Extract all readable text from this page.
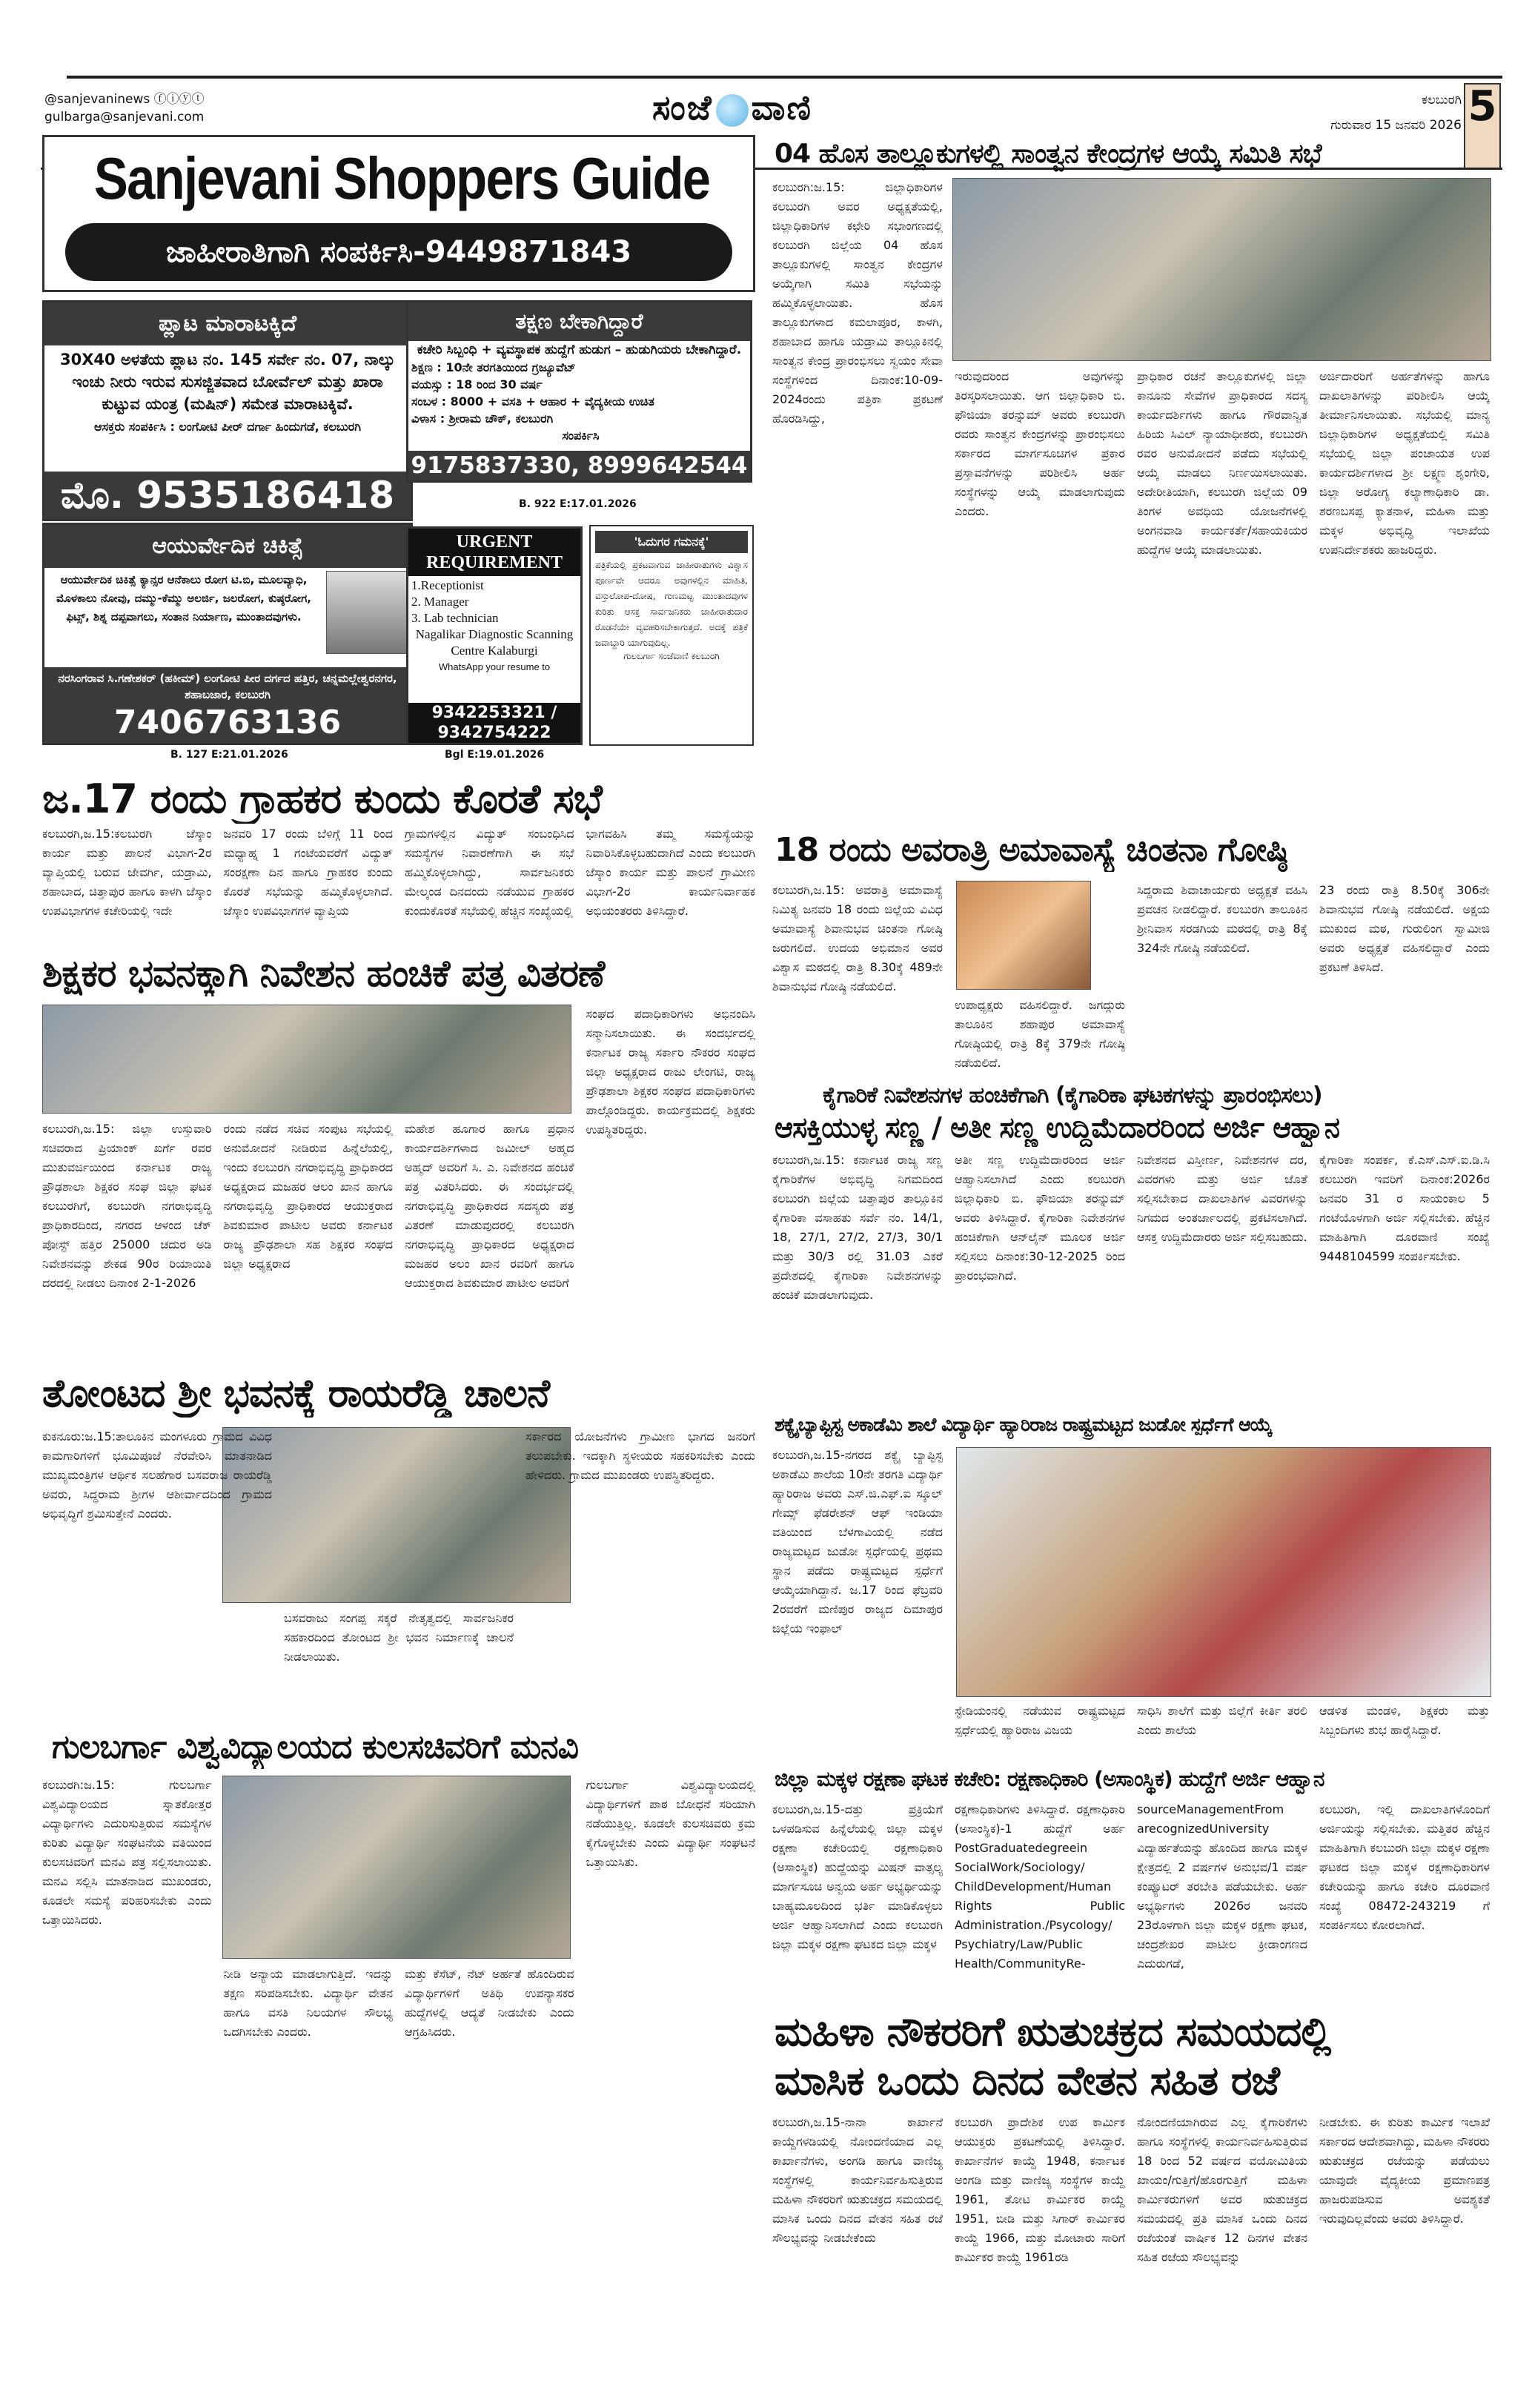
@sanjevaninews ⓕⓘⓨⓣ
gulbarga@sanjevani.com	ಸಂಜೆ ವಾಣಿ	ಕಲಬುರಗಿ
ಗುರುವಾರ 15 ಜನವರಿ 2026 5
Sanjevani Shoppers Guide
ಜಾಹೀರಾತಿಗಾಗಿ ಸಂಪರ್ಕಿಸಿ-9449871843
ಪ್ಲಾಟ ಮಾರಾಟಕ್ಕಿದೆ
30X40 ಅಳತೆಯ ಪ್ಲಾಟ ನಂ. 145 ಸರ್ವೇ ನಂ. 07, ನಾಲ್ಕು ಇಂಚು ನೀರು ಇರುವ ಸುಸಜ್ಜಿತವಾದ ಬೋರ್ವೆಲ್ ಮತ್ತು ಖಾರಾ ಕುಟ್ಟುವ ಯಂತ್ರ (ಮಷಿನ್) ಸಮೇತ ಮಾರಾಟಕ್ಕಿವೆ.
ಆಸಕ್ತರು ಸಂಪರ್ಕಿಸಿ : ಲಂಗೋಟಿ ಪೀರ್ ದರ್ಗಾ ಹಿಂದುಗಡೆ, ಕಲಬುರಗಿ
ಮೊ. 9535186418
ತಕ್ಷಣ ಬೇಕಾಗಿದ್ದಾರೆ
ಕಚೇರಿ ಸಿಬ್ಬಂಧಿ + ವ್ಯವಸ್ಥಾಪಕ ಹುದ್ದೆಗೆ ಹುಡುಗ – ಹುಡುಗಿಯರು ಬೇಕಾಗಿದ್ದಾರೆ.
ಶಿಕ್ಷಣ : 10ನೇ ತರಗತಿಯಿಂದ ಗ್ರಜ್ಯೂವೆಟ್
ವಯಸ್ಸು : 18 ರಿಂದ 30 ವರ್ಷ
ಸಂಬಳ : 8000 + ವಸತಿ + ಆಹಾರ + ವೈದ್ಯಕೀಯ ಉಚಿತ
ವಿಳಾಸ : ಶ್ರೀರಾಮ ಚೌಕ್, ಕಲಬುರಗಿ
ಸಂಪರ್ಕಿಸಿ
9175837330, 8999642544
B. 922 E:17.01.2026
ಆಯುರ್ವೇದಿಕ ಚಿಕಿತ್ಸೆ
ಆಯುರ್ವೇದಿಕ ಚಿಕಿತ್ಸೆ ಕ್ಯಾನ್ಸರ ಆನೆಕಾಲು ರೋಗ ಟಿ.ಬಿ, ಮೂಲವ್ಯಾಧಿ, ಮೊಳಕಾಲು ನೋವು, ದಮ್ಮು-ಕೆಮ್ಮು ಅಲರ್ಜಿ, ಜಲರೋಗ, ಕುಷ್ಠರೋಗ, ಫಿಟ್ಸ್, ಶಿಶ್ನ ದಪ್ಪವಾಗಲು, ಸಂತಾನ ನಿರ್ಯಾಣ, ಮುಂತಾದವುಗಳು.
ನರಸಿಂಗರಾವ ಸಿ.ಗಣೇಶಕರ್ (ಹಕೀಮ್) ಲಂಗೋಟಿ ಪೀರ ದರ್ಗದ ಹತ್ತಿರ, ಚನ್ನಮಲ್ಲೇಶ್ವರನಗರ, ಶಹಾಬಜಾರ, ಕಲಬುರಗಿ
7406763136
B. 127 E:21.01.2026
URGENT REQUIREMENT
1.Receptionist
2. Manager
3. Lab technician
Nagalikar Diagnostic Scanning Centre Kalaburgi
WhatsApp your resume to
9342253321 / 9342754222
Bgl E:19.01.2026
'ಓದುಗರ ಗಮನಕ್ಕೆ'
ಪತ್ರಿಕೆಯಲ್ಲಿ ಪ್ರಕಟವಾಗುವ ಜಾಹೀರಾತುಗಳು ವಿಶ್ವಾಸ ಪೂರ್ಣವೇ ಆದರೂ ಅವುಗಳಲ್ಲಿನ ಮಾಹಿತಿ, ವಸ್ತುಲೋಪ-ದೋಷ, ಗುಣಮಟ್ಟ ಮುಂತಾದವುಗಳ ಕುರಿತು ಆಸಕ್ತ ಸಾರ್ವಜನಿಕರು ಜಾಹೀರಾತುದಾರ ರೊಡನೆಯೇ ವ್ಯವಹರಿಸಬೇಕಾಗುತ್ತದೆ. ಅದಕ್ಕೆ ಪತ್ರಿಕೆ ಜವಾಬ್ದಾರಿ ಯಾಗುವುದಿಲ್ಲ.
ಗುಲಬರ್ಗಾ ಸಂಜೆವಾಣಿ ಕಲಬುರಗಿ
ಜ.17 ರಂದು ಗ್ರಾಹಕರ ಕುಂದು ಕೊರತೆ ಸಭೆ
ಕಲಬುರಗಿ,ಜ.15:ಕಲಬುರಗಿ ಜೆಸ್ಕಾಂ ಕಾರ್ಯ ಮತ್ತು ಪಾಲನೆ ವಿಭಾಗ-2ರ ವ್ಯಾಪ್ತಿಯಲ್ಲಿ ಬರುವ ಜೇವರ್ಗಿ, ಯಡ್ರಾಮಿ, ಶಹಾಬಾದ, ಚಿತ್ತಾಪುರ ಹಾಗೂ ಕಾಳಗಿ ಜೆಸ್ಕಾಂ ಉಪವಿಭಾಗಗಳ ಕಚೇರಿಯಲ್ಲಿ ಇದೇ
ಜನವರಿ 17 ರಂದು ಬೆಳಿಗ್ಗೆ 11 ರಿಂದ ಮಧ್ಯಾಹ್ನ 1 ಗಂಟೆಯವರೆಗೆ ವಿದ್ಯುತ್ ಸಂರಕ್ಷಣಾ ದಿನ ಹಾಗೂ ಗ್ರಾಹಕರ ಕುಂದು ಕೊರತೆ ಸಭೆಯನ್ನು ಹಮ್ಮಿಕೊಳ್ಳಲಾಗಿದೆ. ಜೆಸ್ಕಾಂ ಉಪವಿಭಾಗಗಳ ವ್ಯಾಪ್ತಿಯ
ಗ್ರಾಮಗಳಲ್ಲಿನ ವಿದ್ಯುತ್ ಸಂಬಂಧಿಸಿದ ಸಮಸ್ಯೆಗಳ ನಿವಾರಣೆಗಾಗಿ ಈ ಸಭೆ ಹಮ್ಮಿಕೊಳ್ಳಲಾಗಿದ್ದು, ಸಾರ್ವಜನಿಕರು ಮೇಲ್ಕಂಡ ದಿನದಂದು ನಡೆಯುವ ಗ್ರಾಹಕರ ಕುಂದುಕೊರತೆ ಸಭೆಯಲ್ಲಿ ಹೆಚ್ಚಿನ ಸಂಖ್ಯೆಯಲ್ಲಿ
ಭಾಗವಹಿಸಿ ತಮ್ಮ ಸಮಸ್ಯೆಯನ್ನು ನಿವಾರಿಸಿಕೊಳ್ಳಬಹುದಾಗಿದೆ ಎಂದು ಕಲಬುರಗಿ ಜೆಸ್ಕಾಂ ಕಾರ್ಯ ಮತ್ತು ಪಾಲನೆ ಗ್ರಾಮೀಣ ವಿಭಾಗ-2ರ ಕಾರ್ಯನಿರ್ವಾಹಕ ಅಭಿಯಂತರರು ತಿಳಿಸಿದ್ದಾರೆ.
ಶಿಕ್ಷಕರ ಭವನಕ್ಕಾಗಿ ನಿವೇಶನ ಹಂಚಿಕೆ ಪತ್ರ ವಿತರಣೆ
ಕಲಬುರಗಿ,ಜ.15: ಜಿಲ್ಲಾ ಉಸ್ತುವಾರಿ ಸಚಿವರಾದ ಪ್ರಿಯಾಂಕ್ ಖರ್ಗೆ ರವರ ಮುತುವರ್ಜಿಯಿಂದ ಕರ್ನಾಟಕ ರಾಜ್ಯ ಪ್ರೌಢಶಾಲಾ ಶಿಕ್ಷಕರ ಸಂಘ ಜಿಲ್ಲಾ ಘಟಕ ಕಲಬುರಗಿಗೆ, ಕಲಬುರಗಿ ನಗರಾಭಿವೃದ್ಧಿ ಪ್ರಾಧಿಕಾರದಿಂದ, ನಗರದ ಆಳಂದ ಚೆಕ್ ಪೋಸ್ಟ್ ಹತ್ತಿರ 25000 ಚದುರ ಅಡಿ ನಿವೇಶನವನ್ನು ಶೇಕಡ 90ರ ರಿಯಾಯಿತಿ ದರದಲ್ಲಿ ನೀಡಲು ದಿನಾಂಕ 2-1-2026
ರಂದು ನಡೆದ ಸಚಿವ ಸಂಪುಟ ಸಭೆಯಲ್ಲಿ ಅನುಮೋದನೆ ನೀಡಿರುವ ಹಿನ್ನೆಲೆಯಲ್ಲಿ, ಇಂದು ಕಲಬುರಗಿ ನಗರಾಭಿವೃದ್ಧಿ ಪ್ರಾಧಿಕಾರದ ಅಧ್ಯಕ್ಷರಾದ ಮಜಹರ ಆಲಂ ಖಾನ ಹಾಗೂ ನಗರಾಭಿವೃದ್ಧಿ ಪ್ರಾಧಿಕಾರದ ಆಯುಕ್ತರಾದ ಶಿವಕುಮಾರ ಪಾಟೀಲ ಅವರು ಕರ್ನಾಟಕ ರಾಜ್ಯ ಪ್ರೌಢಶಾಲಾ ಸಹ ಶಿಕ್ಷಕರ ಸಂಘದ ಜಿಲ್ಲಾ ಅಧ್ಯಕ್ಷರಾದ
ಮಹೇಶ ಹೂಗಾರ ಹಾಗೂ ಪ್ರಧಾನ ಕಾರ್ಯದರ್ಶಿಗಳಾದ ಜಮೀಲ್ ಅಹ್ಮದ ಅಹ್ಮದ್ ಅವರಿಗೆ ಸಿ. ಎ. ನಿವೇಶನದ ಹಂಚಿಕೆ ಪತ್ರ ವಿತರಿಸಿದರು. ಈ ಸಂದರ್ಭದಲ್ಲಿ ನಗರಾಭಿವೃದ್ಧಿ ಪ್ರಾಧಿಕಾರದ ಸದಸ್ಯರು ಪತ್ರ ವಿತರಣೆ ಮಾಡುವುದರಲ್ಲಿ ಕಲಬುರಗಿ ನಗರಾಭಿವೃದ್ಧಿ ಪ್ರಾಧಿಕಾರದ ಅಧ್ಯಕ್ಷರಾದ ಮಜಹರ ಅಲಂ ಖಾನ ರವರಿಗೆ ಹಾಗೂ ಆಯುಕ್ತರಾದ ಶಿವಕುಮಾರ ಪಾಟೀಲ ಅವರಿಗೆ
ಸಂಘದ ಪದಾಧಿಕಾರಿಗಳು ಅಭಿನಂದಿಸಿ ಸನ್ಮಾನಿಸಲಾಯಿತು. ಈ ಸಂದರ್ಭದಲ್ಲಿ ಕರ್ನಾಟಕ ರಾಜ್ಯ ಸರ್ಕಾರಿ ನೌಕರರ ಸಂಘದ ಜಿಲ್ಲಾ ಅಧ್ಯಕ್ಷರಾದ ರಾಜು ಲೇಂಗಟಿ, ರಾಜ್ಯ ಪ್ರೌಢಶಾಲಾ ಶಿಕ್ಷಕರ ಸಂಘದ ಪದಾಧಿಕಾರಿಗಳು ಪಾಲ್ಗೊಂಡಿದ್ದರು. ಕಾರ್ಯಕ್ರಮದಲ್ಲಿ ಶಿಕ್ಷಕರು ಉಪಸ್ಥಿತರಿದ್ದರು.
ತೋಂಟದ ಶ್ರೀ ಭವನಕ್ಕೆ ರಾಯರೆಡ್ಡಿ ಚಾಲನೆ
ಕುಕನೂರು:ಜ.15:ತಾಲೂಕಿನ ಮಂಗಳೂರು ಗ್ರಾಮದ ವಿವಿಧ ಕಾಮಗಾರಿಗಳಿಗೆ ಭೂಮಿಪೂಜೆ ನೆರವೇರಿಸಿ ಮಾತನಾಡಿದ ಮುಖ್ಯಮಂತ್ರಿಗಳ ಆರ್ಥಿಕ ಸಲಹೆಗಾರ ಬಸವರಾಜ ರಾಯರೆಡ್ಡಿ ಅವರು, ಸಿದ್ಧರಾಮ ಶ್ರೀಗಳ ಆಶೀರ್ವಾದದಿಂದ ಗ್ರಾಮದ ಅಭಿವೃದ್ಧಿಗೆ ಶ್ರಮಿಸುತ್ತೇನೆ ಎಂದರು.
ಬಸವರಾಜು ಸಂಗಪ್ಪ ಸಕ್ಕರೆ ನೇತೃತ್ವದಲ್ಲಿ ಸಾರ್ವಜನಿಕರ ಸಹಕಾರದಿಂದ ತೋಂಟದ ಶ್ರೀ ಭವನ ನಿರ್ಮಾಣಕ್ಕೆ ಚಾಲನೆ ನೀಡಲಾಯಿತು.
ಸರ್ಕಾರದ ಯೋಜನೆಗಳು ಗ್ರಾಮೀಣ ಭಾಗದ ಜನರಿಗೆ ತಲುಪಬೇಕು. ಇದಕ್ಕಾಗಿ ಸ್ಥಳೀಯರು ಸಹಕರಿಸಬೇಕು ಎಂದು ಹೇಳಿದರು. ಗ್ರಾಮದ ಮುಖಂಡರು ಉಪಸ್ಥಿತರಿದ್ದರು.
ಗುಲಬರ್ಗಾ ವಿಶ್ವವಿದ್ಯಾಲಯದ ಕುಲಸಚಿವರಿಗೆ ಮನವಿ
ಕಲಬುರಗಿ:ಜ.15: ಗುಲಬರ್ಗಾ ವಿಶ್ವವಿದ್ಯಾಲಯದ ಸ್ನಾತಕೋತ್ತರ ವಿದ್ಯಾರ್ಥಿಗಳು ಎದುರಿಸುತ್ತಿರುವ ಸಮಸ್ಯೆಗಳ ಕುರಿತು ವಿದ್ಯಾರ್ಥಿ ಸಂಘಟನೆಯ ವತಿಯಿಂದ ಕುಲಸಚಿವರಿಗೆ ಮನವಿ ಪತ್ರ ಸಲ್ಲಿಸಲಾಯಿತು. ಮನವಿ ಸಲ್ಲಿಸಿ ಮಾತನಾಡಿದ ಮುಖಂಡರು, ಕೂಡಲೇ ಸಮಸ್ಯೆ ಪರಿಹರಿಸಬೇಕು ಎಂದು ಒತ್ತಾಯಿಸಿದರು.
ನೀಡಿ ಅನ್ಯಾಯ ಮಾಡಲಾಗುತ್ತಿದೆ. ಇದನ್ನು ತಕ್ಷಣ ಸರಿಪಡಿಸಬೇಕು. ವಿದ್ಯಾರ್ಥಿ ವೇತನ ಹಾಗೂ ವಸತಿ ನಿಲಯಗಳ ಸೌಲಭ್ಯ ಒದಗಿಸಬೇಕು ಎಂದರು.
ಮತ್ತು ಕೆಸೆಟ್, ನೆಟ್ ಅರ್ಹತೆ ಹೊಂದಿರುವ ವಿದ್ಯಾರ್ಥಿಗಳಿಗೆ ಅತಿಥಿ ಉಪನ್ಯಾಸಕರ ಹುದ್ದೆಗಳಲ್ಲಿ ಆದ್ಯತೆ ನೀಡಬೇಕು ಎಂದು ಆಗ್ರಹಿಸಿದರು.
ಗುಲಬರ್ಗಾ ವಿಶ್ವವಿದ್ಯಾಲಯದಲ್ಲಿ ವಿದ್ಯಾರ್ಥಿಗಳಿಗೆ ಪಾಠ ಬೋಧನೆ ಸರಿಯಾಗಿ ನಡೆಯುತ್ತಿಲ್ಲ. ಕೂಡಲೇ ಕುಲಸಚಿವರು ಕ್ರಮ ಕೈಗೊಳ್ಳಬೇಕು ಎಂದು ವಿದ್ಯಾರ್ಥಿ ಸಂಘಟನೆ ಒತ್ತಾಯಿಸಿತು.
04 ಹೊಸ ತಾಲ್ಲೂಕುಗಳಲ್ಲಿ ಸಾಂತ್ವನ ಕೇಂದ್ರಗಳ ಆಯ್ಕೆ ಸಮಿತಿ ಸಭೆ
ಕಲಬುರಗಿ:ಜ.15: ಜಿಲ್ಲಾಧಿಕಾರಿಗಳ ಕಲಬುರಗಿ ಅವರ ಅಧ್ಯಕ್ಷತೆಯಲ್ಲಿ, ಜಿಲ್ಲಾಧಿಕಾರಿಗಳ ಕಛೇರಿ ಸಭಾಂಗಣದಲ್ಲಿ ಕಲಬುರಗಿ ಜಿಲ್ಲೆಯ 04 ಹೊಸ ತಾಲ್ಲೂಕುಗಳಲ್ಲಿ ಸಾಂತ್ವನ ಕೇಂದ್ರಗಳ ಅಯ್ಕೆಗಾಗಿ ಸಮಿತಿ ಸಭೆಯನ್ನು ಹಮ್ಮಿಕೊಳ್ಳಲಾಯಿತು. ಹೊಸ ತಾಲ್ಲೂಕುಗಳಾದ ಕಮಲಾಪೂರ, ಕಾಳಗಿ, ಶಹಾಬಾದ ಹಾಗೂ ಯಡ್ರಾಮಿ ತಾಲ್ಲೂಕಿನಲ್ಲಿ ಸಾಂತ್ವನ ಕೇಂದ್ರ ಪ್ರಾರಂಭಿಸಲು ಸ್ವಯಂ ಸೇವಾ ಸಂಸ್ಥೆಗಳಿಂದ ದಿನಾಂಕ:10-09-2024ರಂದು ಪತ್ರಿಕಾ ಪ್ರಕಟಣೆ ಹೊರಡಿಸಿದ್ದು,
ಇರುವುದರಿಂದ ಅವುಗಳನ್ನು ತಿರಸ್ಕರಿಸಲಾಯಿತು. ಆಗ ಜಿಲ್ಲಾಧಿಕಾರಿ ಬಿ. ಫೌಜಿಯಾ ತರನ್ನುಮ್ ಅವರು ಕಲಬುರಗಿ ರವರು ಸಾಂತ್ವನ ಕೇಂದ್ರಗಳನ್ನು ಪ್ರಾರಂಭಿಸಲು ಸರ್ಕಾರದ ಮಾರ್ಗಸೂಚಿಗಳ ಪ್ರಕಾರ ಪ್ರಸ್ತಾವನೆಗಳನ್ನು ಪರಿಶೀಲಿಸಿ ಅರ್ಹ ಸಂಸ್ಥೆಗಳನ್ನು ಆಯ್ಕೆ ಮಾಡಲಾಗುವುದು ಎಂದರು.
ಪ್ರಾಧಿಕಾರ ರಚನೆ ತಾಲ್ಲೂಕುಗಳಲ್ಲಿ ಜಿಲ್ಲಾ ಕಾನೂನು ಸೇವೆಗಳ ಪ್ರಾಧಿಕಾರದ ಸದಸ್ಯ ಕಾರ್ಯದರ್ಶಿಗಳು ಹಾಗೂ ಗೌರವಾನ್ವಿತ ಹಿರಿಯ ಸಿವಿಲ್ ನ್ಯಾಯಾಧೀಶರು, ಕಲಬುರಗಿ ರವರ ಅನುಮೋದನೆ ಪಡೆದು ಸಭೆಯಲ್ಲಿ ಆಯ್ಕೆ ಮಾಡಲು ನಿರ್ಣಯಿಸಲಾಯಿತು. ಅದೇರೀತಿಯಾಗಿ, ಕಲಬುರಗಿ ಜಿಲ್ಲೆಯ 09 ತಿಂಗಳ ಅವಧಿಯ ಯೋಜನೆಗಳಲ್ಲಿ ಅಂಗನವಾಡಿ ಕಾರ್ಯಕರ್ತೆ/ಸಹಾಯಕಿಯರ ಹುದ್ದೆಗಳ ಆಯ್ಕೆ ಮಾಡಲಾಯಿತು.
ಅರ್ಜಿದಾರರಿಗೆ ಅರ್ಹತೆಗಳನ್ನು ಹಾಗೂ ದಾಖಲಾತಿಗಳನ್ನು ಪರಿಶೀಲಿಸಿ ಆಯ್ಕೆ ತೀರ್ಮಾನಿಸಲಾಯಿತು. ಸಭೆಯಲ್ಲಿ ಮಾನ್ಯ ಜಿಲ್ಲಾಧಿಕಾರಿಗಳ ಅಧ್ಯಕ್ಷತೆಯಲ್ಲಿ ಸಮಿತಿ ಸಭೆಯಲ್ಲಿ ಜಿಲ್ಲಾ ಪಂಚಾಯತ ಉಪ ಕಾರ್ಯದರ್ಶಿಗಳಾದ ಶ್ರೀ ಲಕ್ಷ್ಮಣ ಶೃಂಗೇರಿ, ಜಿಲ್ಲಾ ಅರೋಗ್ಯ ಕಲ್ಯಾಣಾಧಿಕಾರಿ ಡಾ. ಶರಣಬಸಪ್ಪ ಕ್ಯಾತನಾಳ, ಮಹಿಳಾ ಮತ್ತು ಮಕ್ಕಳ ಅಭಿವೃದ್ಧಿ ಇಲಾಖೆಯ ಉಪನಿರ್ದೇಶಕರು ಹಾಜರಿದ್ದರು.
18 ರಂದು ಅವರಾತ್ರಿ ಅಮಾವಾಸ್ಯೆ ಚಿಂತನಾ ಗೋಷ್ಠಿ
ಕಲಬುರಗಿ,ಜ.15: ಅವರಾತ್ರಿ ಅಮಾವಾಸ್ಯೆ ನಿಮಿತ್ಯ ಜನವರಿ 18 ರಂದು ಜಿಲ್ಲೆಯ ವಿವಿಧ ಅಮಾವಾಸ್ಯೆ ಶಿವಾನುಭವ ಚಿಂತನಾ ಗೋಷ್ಠಿ ಜರುಗಲಿದೆ. ಉದಯ ಅಭಿಮಾನ ಅವರ ವಿಶ್ವಾಸ ಮಠದಲ್ಲಿ ರಾತ್ರಿ 8.30ಕ್ಕೆ 489ನೇ ಶಿವಾನುಭವ ಗೋಷ್ಠಿ ನಡೆಯಲಿದೆ.
ಉಪಾಧ್ಯಕ್ಷರು ವಹಿಸಲಿದ್ದಾರೆ. ಜಗದ್ಗುರು ತಾಲೂಕಿನ ಶಹಾಪುರ ಅಮಾವಾಸ್ಯೆ ಗೋಷ್ಠಿಯಲ್ಲಿ ರಾತ್ರಿ 8ಕ್ಕೆ 379ನೇ ಗೋಷ್ಠಿ ನಡೆಯಲಿದೆ.
ಸಿದ್ದರಾಮ ಶಿವಾಚಾರ್ಯರು ಅಧ್ಯಕ್ಷತೆ ವಹಿಸಿ ಪ್ರವಚನ ನೀಡಲಿದ್ದಾರೆ. ಕಲಬುರಗಿ ತಾಲೂಕಿನ ಶ್ರೀನಿವಾಸ ಸರಡಗಿಯ ಮಠದಲ್ಲಿ ರಾತ್ರಿ 8ಕ್ಕೆ 324ನೇ ಗೋಷ್ಠಿ ನಡೆಯಲಿದೆ.
23 ರಂದು ರಾತ್ರಿ 8.50ಕ್ಕೆ 306ನೇ ಶಿವಾನುಭವ ಗೋಷ್ಠಿ ನಡೆಯಲಿದೆ. ಅಕ್ಷಯ ಮುಕುಂದ ಮಠ, ಗುರುಲಿಂಗ ಸ್ವಾಮೀಜಿ ಅವರು ಅಧ್ಯಕ್ಷತೆ ವಹಿಸಲಿದ್ದಾರೆ ಎಂದು ಪ್ರಕಟಣೆ ತಿಳಿಸಿದೆ.
ಕೈಗಾರಿಕೆ ನಿವೇಶನಗಳ ಹಂಚಿಕೆಗಾಗಿ (ಕೈಗಾರಿಕಾ ಘಟಕಗಳನ್ನು ಪ್ರಾರಂಭಿಸಲು)
ಆಸಕ್ತಿಯುಳ್ಳ ಸಣ್ಣ / ಅತೀ ಸಣ್ಣ ಉದ್ದಿಮೆದಾರರಿಂದ ಅರ್ಜಿ ಆಹ್ವಾನ
ಕಲಬುರಗಿ,ಜ.15: ಕರ್ನಾಟಕ ರಾಜ್ಯ ಸಣ್ಣ ಕೈಗಾರಿಕೆಗಳ ಅಭಿವೃದ್ಧಿ ನಿಗಮದಿಂದ ಕಲಬುರಗಿ ಜಿಲ್ಲೆಯ ಚಿತ್ತಾಪುರ ತಾಲ್ಲೂಕಿನ ಕೈಗಾರಿಕಾ ವಸಾಹತು ಸರ್ವೆ ನಂ. 14/1, 18, 27/1, 27/2, 27/3, 30/1 ಮತ್ತು 30/3 ರಲ್ಲಿ 31.03 ಎಕರೆ ಪ್ರದೇಶದಲ್ಲಿ ಕೈಗಾರಿಕಾ ನಿವೇಶನಗಳನ್ನು ಹಂಚಿಕೆ ಮಾಡಲಾಗುವುದು.
ಅತೀ ಸಣ್ಣ ಉದ್ದಿಮೆದಾರರಿಂದ ಅರ್ಜಿ ಆಹ್ವಾನಿಸಲಾಗಿದೆ ಎಂದು ಕಲಬುರಗಿ ಜಿಲ್ಲಾಧಿಕಾರಿ ಬಿ. ಫೌಜಿಯಾ ತರನ್ನುಮ್ ಅವರು ತಿಳಿಸಿದ್ದಾರೆ. ಕೈಗಾರಿಕಾ ನಿವೇಶನಗಳ ಹಂಚಿಕೆಗಾಗಿ ಆನ್‍ಲೈನ್ ಮೂಲಕ ಅರ್ಜಿ ಸಲ್ಲಿಸಲು ದಿನಾಂಕ:30-12-2025 ರಿಂದ ಪ್ರಾರಂಭವಾಗಿದೆ.
ನಿವೇಶನದ ವಿಸ್ತೀರ್ಣ, ನಿವೇಶನಗಳ ದರ, ವಿವರಗಳು ಮತ್ತು ಅರ್ಜಿ ಜೊತೆ ಸಲ್ಲಿಸಬೇಕಾದ ದಾಖಲಾತಿಗಳ ವಿವರಗಳನ್ನು ನಿಗಮದ ಅಂತರ್ಜಾಲದಲ್ಲಿ ಪ್ರಕಟಿಸಲಾಗಿದೆ. ಆಸಕ್ತ ಉದ್ದಿಮೆದಾರರು ಅರ್ಜಿ ಸಲ್ಲಿಸಬಹುದು.
ಕೈಗಾರಿಕಾ ಸಂಪರ್ಕ, ಕೆ.ಎಸ್.ಎಸ್.ಐ.ಡಿ.ಸಿ ಕಲಬುರಗಿ ಇವರಿಗೆ ದಿನಾಂಕ:2026ರ ಜನವರಿ 31 ರ ಸಾಯಂಕಾಲ 5 ಗಂಟೆಯೊಳಗಾಗಿ ಅರ್ಜಿ ಸಲ್ಲಿಸಬೇಕು. ಹೆಚ್ಚಿನ ಮಾಹಿತಿಗಾಗಿ ದೂರವಾಣಿ ಸಂಖ್ಯೆ 9448104599 ಸಂಪರ್ಕಿಸಬೇಕು.
ಶಕ್ಯೈಬ್ಯಾಪ್ಟಿಸ್ಟ ಅಕಾಡೆಮಿ ಶಾಲೆ ವಿದ್ಯಾರ್ಥಿ ಹ್ಯಾರಿರಾಜ ರಾಷ್ಟ್ರಮಟ್ಟದ ಜುಡೋ ಸ್ಪರ್ಧೆಗೆ ಆಯ್ಕೆ
ಕಲಬುರಗಿ,ಜ.15-ನಗರದ ಶಕ್ಯೈ ಬ್ಯಾಪ್ಟಿಸ್ಟ ಅಕಾಡೆಮಿ ಶಾಲೆಯ 10ನೇ ತರಗತಿ ವಿದ್ಯಾರ್ಥಿ ಹ್ಯಾರಿರಾಜ ಅವರು ಎಸ್.ಜಿ.ಎಫ್.ಐ ಸ್ಕೂಲ್ ಗೇಮ್ಸ್ ಫೆಡರೇಶನ್ ಆಫ್ ಇಂಡಿಯಾ ವತಿಯಿಂದ ಬೆಳಗಾವಿಯಲ್ಲಿ ನಡೆದ ರಾಜ್ಯಮಟ್ಟದ ಜುಡೋ ಸ್ಪರ್ಧೆಯಲ್ಲಿ ಪ್ರಥಮ ಸ್ಥಾನ ಪಡೆದು ರಾಷ್ಟ್ರಮಟ್ಟದ ಸ್ಪರ್ಧೆಗೆ ಆಯ್ಕೆಯಾಗಿದ್ದಾನೆ. ಜ.17 ರಿಂದ ಫೆಬ್ರವರಿ 2ರವರೆಗೆ ಮಣಿಪುರ ರಾಜ್ಯದ ದಿಮಾಪುರ ಜಿಲ್ಲೆಯ ಇಂಫಾಲ್
ಸ್ಟೇಡಿಯಂನಲ್ಲಿ ನಡೆಯುವ ರಾಷ್ಟ್ರಮಟ್ಟದ ಸ್ಪರ್ಧೆಯಲ್ಲಿ ಹ್ಯಾರಿರಾಜ ವಿಜಯ
ಸಾಧಿಸಿ ಶಾಲೆಗೆ ಮತ್ತು ಜಿಲ್ಲೆಗೆ ಕೀರ್ತಿ ತರಲಿ ಎಂದು ಶಾಲೆಯ
ಆಡಳಿತ ಮಂಡಳಿ, ಶಿಕ್ಷಕರು ಮತ್ತು ಸಿಬ್ಬಂದಿಗಳು ಶುಭ ಹಾರೈಸಿದ್ದಾರೆ.
ಜಿಲ್ಲಾ ಮಕ್ಕಳ ರಕ್ಷಣಾ ಘಟಕ ಕಚೇರಿ: ರಕ್ಷಣಾಧಿಕಾರಿ (ಅಸಾಂಸ್ಥಿಕ) ಹುದ್ದೆಗೆ ಅರ್ಜಿ ಆಹ್ವಾನ
ಕಲಬುರಗಿ,ಜ.15-ದತ್ತು ಪ್ರಕ್ರಿಯೆಗೆ ಒಳಪಡಿಸುವ ಹಿನ್ನೆಲೆಯಲ್ಲಿ ಜಿಲ್ಲಾ ಮಕ್ಕಳ ರಕ್ಷಣಾ ಕಚೇರಿಯಲ್ಲಿ ರಕ್ಷಣಾಧಿಕಾರಿ (ಅಸಾಂಸ್ಥಿಕ) ಹುದ್ದೆಯನ್ನು ಮಿಷನ್ ವಾತ್ಸಲ್ಯ ಮಾರ್ಗಸೂಚಿ ಅನ್ವಯ ಅರ್ಹ ಅಭ್ಯರ್ಥಿಯನ್ನು ಬಾಹ್ಯಮೂಲದಿಂದ ಭರ್ತಿ ಮಾಡಿಕೊಳ್ಳಲು ಅರ್ಜಿ ಆಹ್ವಾನಿಸಲಾಗಿದೆ ಎಂದು ಕಲಬುರಗಿ ಜಿಲ್ಲಾ ಮಕ್ಕಳ ರಕ್ಷಣಾ ಘಟಕದ ಜಿಲ್ಲಾ ಮಕ್ಕಳ
ರಕ್ಷಣಾಧಿಕಾರಿಗಳು ತಿಳಿಸಿದ್ದಾರೆ. ರಕ್ಷಣಾಧಿಕಾರಿ (ಅಸಾಂಸ್ಥಿಕ)-1 ಹುದ್ದೆಗೆ ಅರ್ಹ PostGraduatedegreein SocialWork/Sociology/ ChildDevelopment/Human Rights Public Administration./Psycology/ Psychiatry/Law/Public Health/CommunityRe-
sourceManagementFrom arecognizedUniversity ವಿದ್ಯಾರ್ಹತೆಯನ್ನು ಹೊಂದಿದ ಹಾಗೂ ಮಕ್ಕಳ ಕ್ಷೇತ್ರದಲ್ಲಿ 2 ವರ್ಷಗಳ ಅನುಭವ/1 ವರ್ಷ ಕಂಪ್ಯೂಟರ್ ತರಬೇತಿ ಪಡೆಯಬೇಕು. ಅರ್ಹ ಅಭ್ಯರ್ಥಿಗಳು 2026ರ ಜನವರಿ 23ರೊಳಗಾಗಿ ಜಿಲ್ಲಾ ಮಕ್ಕಳ ರಕ್ಷಣಾ ಘಟಕ, ಚಂದ್ರಶೇಖರ ಪಾಟೀಲ ಕ್ರೀಡಾಂಗಣದ ಎದುರುಗಡೆ,
ಕಲಬುರಗಿ, ಇಲ್ಲಿ ದಾಖಲಾತಿಗಳೊಂದಿಗೆ ಅರ್ಜಿಯನ್ನು ಸಲ್ಲಿಸಬೇಕು. ಮತ್ತಿತರ ಹೆಚ್ಚಿನ ಮಾಹಿತಿಗಾಗಿ ಕಲಬುರಗಿ ಜಿಲ್ಲಾ ಮಕ್ಕಳ ರಕ್ಷಣಾ ಘಟಕದ ಜಿಲ್ಲಾ ಮಕ್ಕಳ ರಕ್ಷಣಾಧಿಕಾರಿಗಳ ಕಚೇರಿಯನ್ನು ಹಾಗೂ ಕಚೇರಿ ದೂರವಾಣಿ ಸಂಖ್ಯೆ 08472-243219 ಗೆ ಸಂಪರ್ಕಿಸಲು ಕೋರಲಾಗಿದೆ.
ಮಹಿಳಾ ನೌಕರರಿಗೆ ಋತುಚಕ್ರದ ಸಮಯದಲ್ಲಿ
ಮಾಸಿಕ ಒಂದು ದಿನದ ವೇತನ ಸಹಿತ ರಜೆ
ಕಲಬುರಗಿ,ಜ.15-ನಾನಾ ಕಾರ್ಖಾನೆ ಕಾಯ್ದೆಗಳಡಿಯಲ್ಲಿ ನೋಂದಣಿಯಾದ ಎಲ್ಲ ಕಾರ್ಖಾನೆಗಳು, ಅಂಗಡಿ ಹಾಗೂ ವಾಣಿಜ್ಯ ಸಂಸ್ಥೆಗಳಲ್ಲಿ ಕಾರ್ಯನಿರ್ವಹಿಸುತ್ತಿರುವ ಮಹಿಳಾ ನೌಕರರಿಗೆ ಋತುಚಕ್ರದ ಸಮಯದಲ್ಲಿ ಮಾಸಿಕ ಒಂದು ದಿನದ ವೇತನ ಸಹಿತ ರಜೆ ಸೌಲಭ್ಯವನ್ನು ನೀಡಬೇಕೆಂದು
ಕಲಬುರಗಿ ಪ್ರಾದೇಶಿಕ ಉಪ ಕಾರ್ಮಿಕ ಆಯುಕ್ತರು ಪ್ರಕಟಣೆಯಲ್ಲಿ ತಿಳಿಸಿದ್ದಾರೆ. ಕಾರ್ಖಾನೆಗಳ ಕಾಯ್ದೆ 1948, ಕರ್ನಾಟಕ ಅಂಗಡಿ ಮತ್ತು ವಾಣಿಜ್ಯ ಸಂಸ್ಥೆಗಳ ಕಾಯ್ದೆ 1961, ತೋಟ ಕಾರ್ಮಿಕರ ಕಾಯ್ದೆ 1951, ಬೀಡಿ ಮತ್ತು ಸಿಗಾರ್ ಕಾರ್ಮಿಕರ ಕಾಯ್ದೆ 1966, ಮತ್ತು ಮೋಟಾರು ಸಾರಿಗೆ ಕಾರ್ಮಿಕರ ಕಾಯ್ದೆ 1961ರಡಿ
ನೋಂದಣಿಯಾಗಿರುವ ಎಲ್ಲ ಕೈಗಾರಿಕೆಗಳು ಹಾಗೂ ಸಂಸ್ಥೆಗಳಲ್ಲಿ ಕಾರ್ಯನಿರ್ವಹಿಸುತ್ತಿರುವ 18 ರಿಂದ 52 ವರ್ಷದ ವಯೋಮಿತಿಯ ಖಾಯಂ/ಗುತ್ತಿಗೆ/ಹೊರಗುತ್ತಿಗೆ ಮಹಿಳಾ ಕಾರ್ಮಿಕರುಗಳಿಗೆ ಅವರ ಋತುಚಕ್ರದ ಸಮಯದಲ್ಲಿ ಪ್ರತಿ ಮಾಸಿಕ ಒಂದು ದಿನದ ರಜೆಯಂತೆ ವಾರ್ಷಿಕ 12 ದಿನಗಳ ವೇತನ ಸಹಿತ ರಜೆಯ ಸೌಲಭ್ಯವನ್ನು
ನೀಡಬೇಕು. ಈ ಕುರಿತು ಕಾರ್ಮಿಕ ಇಲಾಖೆ ಸರ್ಕಾರದ ಆದೇಶವಾಗಿದ್ದು, ಮಹಿಳಾ ನೌಕರರು ಋತುಚಕ್ರದ ರಜೆಯನ್ನು ಪಡೆಯಲು ಯಾವುದೇ ವೈದ್ಯಕೀಯ ಪ್ರಮಾಣಪತ್ರ ಹಾಜರುಪಡಿಸುವ ಅವಶ್ಯಕತೆ ಇರುವುದಿಲ್ಲವೆಂದು ಅವರು ತಿಳಿಸಿದ್ದಾರೆ.
